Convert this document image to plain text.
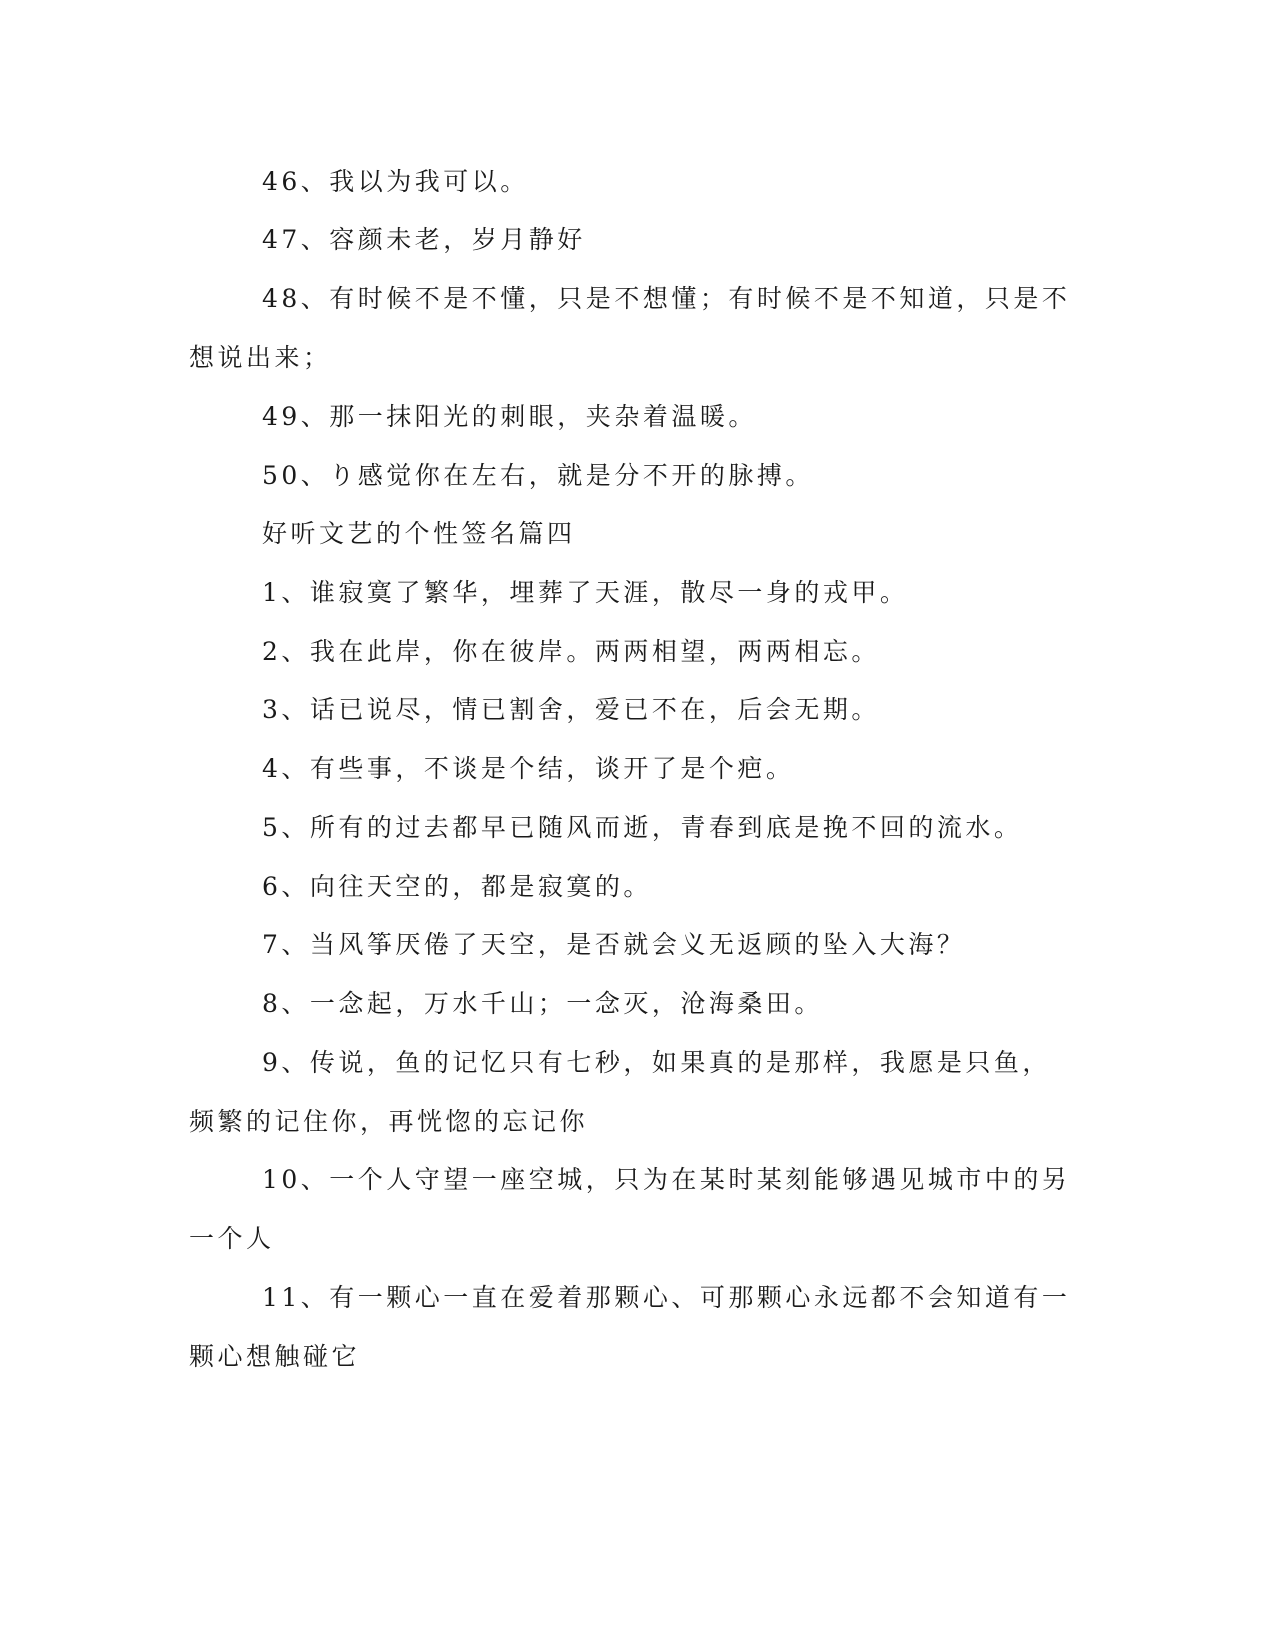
46、我以为我可以。
47、容颜未老，岁月静好
48、有时候不是不懂，只是不想懂；有时候不是不知道，只是不
想说出来；
49、那一抹阳光的刺眼，夹杂着温暖。
50、り感觉你在左右，就是分不开的脉搏。
好听文艺的个性签名篇四
1、谁寂寞了繁华，埋葬了天涯，散尽一身的戎甲。
2、我在此岸，你在彼岸。两两相望，两两相忘。
3、话已说尽，情已割舍，爱已不在，后会无期。
4、有些事，不谈是个结，谈开了是个疤。
5、所有的过去都早已随风而逝，青春到底是挽不回的流水。
6、向往天空的，都是寂寞的。
7、当风筝厌倦了天空，是否就会义无返顾的坠入大海？
8、一念起，万水千山；一念灭，沧海桑田。
9、传说，鱼的记忆只有七秒，如果真的是那样，我愿是只鱼，
频繁的记住你，再恍惚的忘记你
10、一个人守望一座空城，只为在某时某刻能够遇见城市中的另
一个人
11、有一颗心一直在爱着那颗心、可那颗心永远都不会知道有一
颗心想触碰它
